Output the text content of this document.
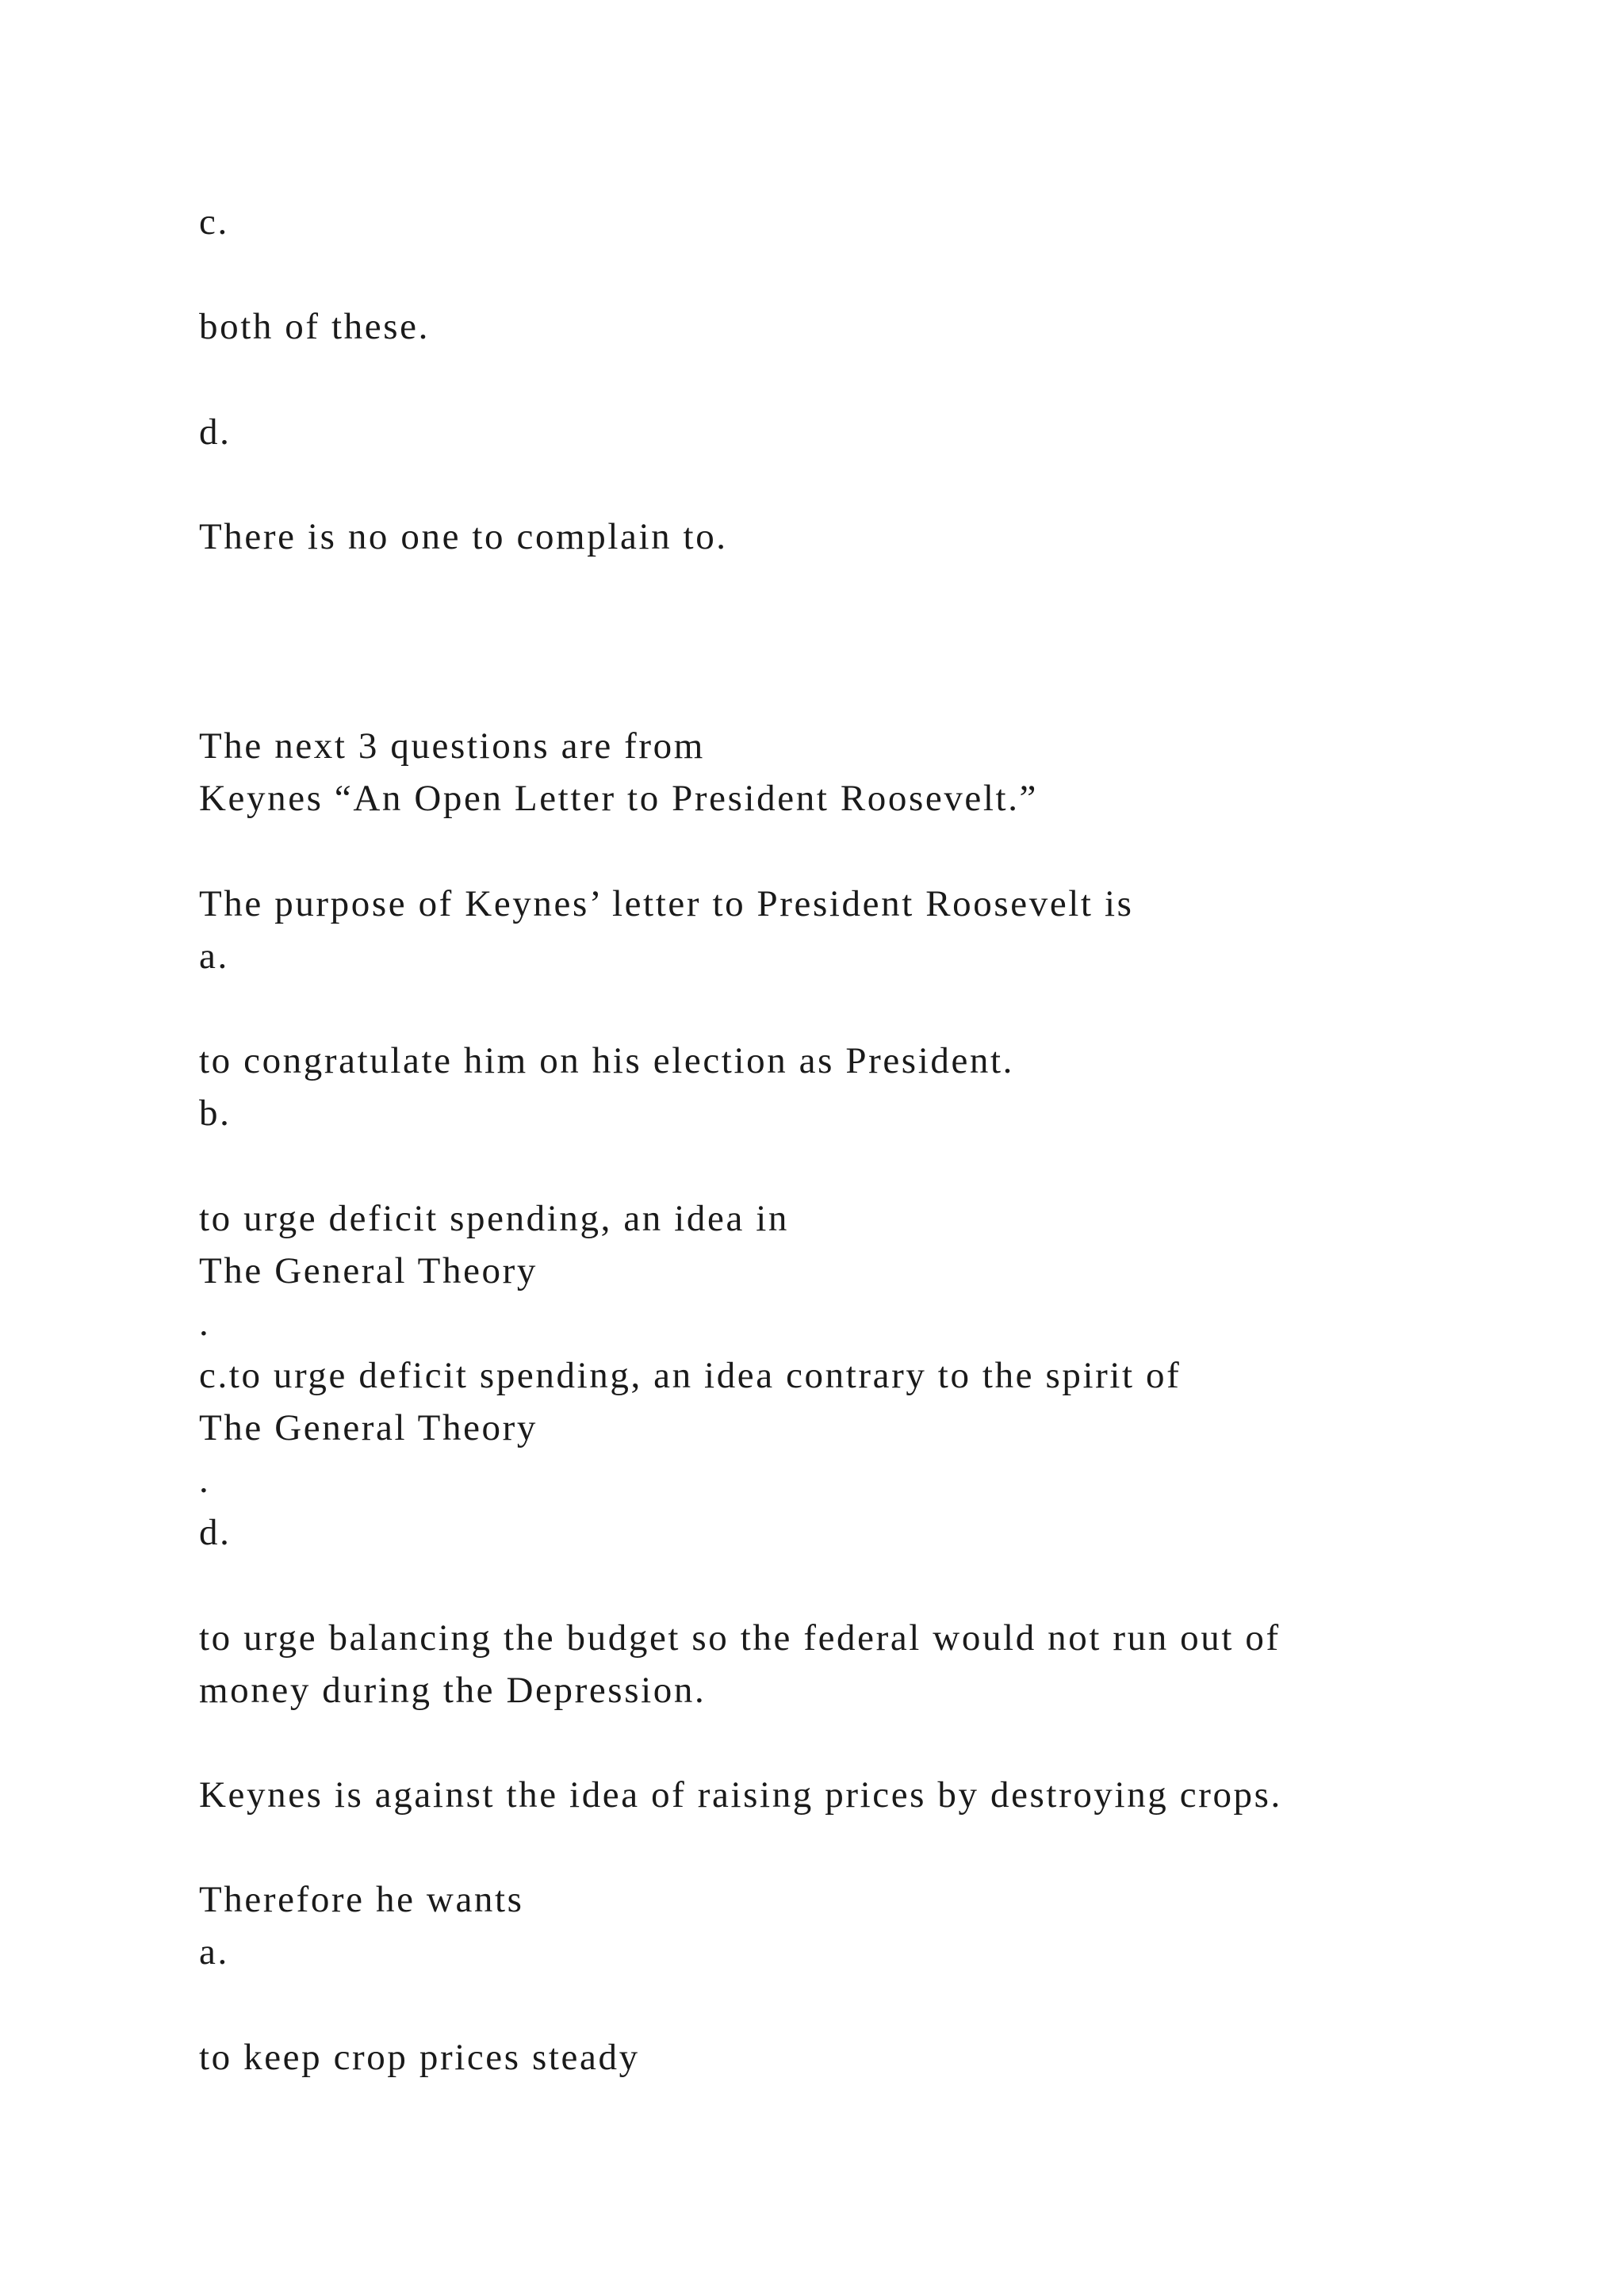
c.

both of these.

d.

There is no one to complain to.

The next 3 questions are from

Keynes “An Open Letter to President Roosevelt.”

The purpose of Keynes’ letter to President Roosevelt is

a.

to congratulate him on his election as President.

b.

to urge deficit spending, an idea in

The General Theory

.

c.to urge deficit spending, an idea contrary to the spirit of

The General Theory

.

d.

to urge balancing the budget so the federal would not run out of

money during the Depression.

Keynes is against the idea of raising prices by destroying crops.

Therefore he wants

a.

to keep crop prices steady
